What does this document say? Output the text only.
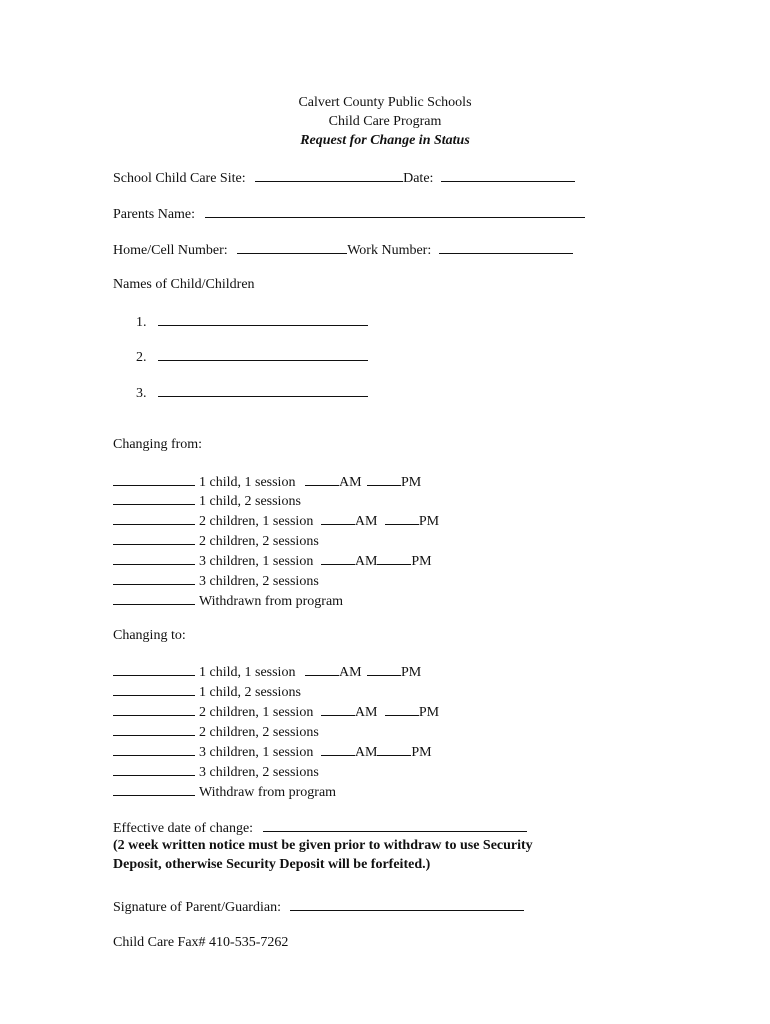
Calvert County Public Schools
Child Care Program
Request for Change in Status
School Child Care Site:	Date:
Parents Name:
Home/Cell Number:	Work Number:
Names of Child/Children
1.
2.
3.
Changing from:
1 child, 1 session	AM	PM
1 child, 2 sessions
2 children, 1 session	AM	PM
2 children, 2 sessions
3 children, 1 session	AM PM
3 children, 2 sessions
Withdrawn from program
Changing to:
1 child, 1 session	AM	PM
1 child, 2 sessions
2 children, 1 session	AM	PM
2 children, 2 sessions
3 children, 1 session	AM PM
3 children, 2 sessions
Withdraw from program
Effective date of change:
(2 week written notice must be given prior to withdraw to use Security
Deposit, otherwise Security Deposit will be forfeited.)
Signature of Parent/Guardian:
Child Care Fax# 410-535-7262
